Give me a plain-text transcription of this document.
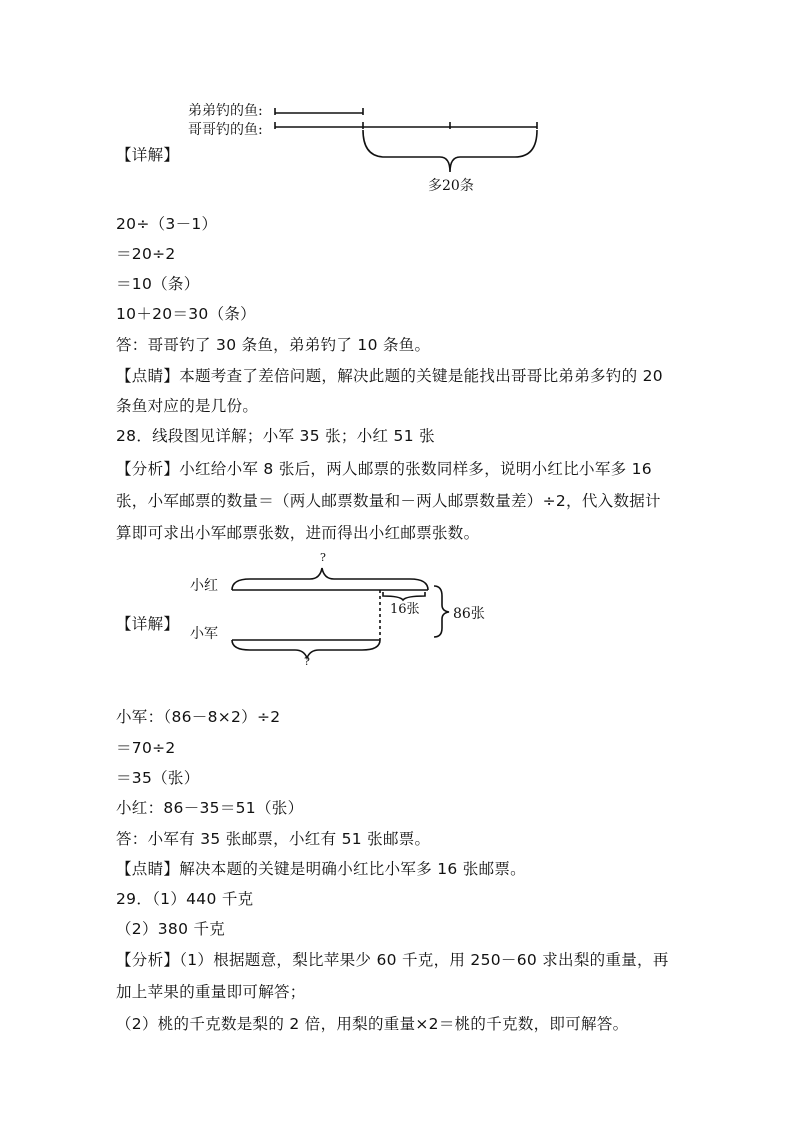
弟弟钓的鱼:
哥哥钓的鱼:
多20条
【详解】
20÷（3－1）
＝20÷2
＝10（条）
10＋20＝30（条）
答：哥哥钓了 30 条鱼，弟弟钓了 10 条鱼。
【点睛】本题考查了差倍问题，解决此题的关键是能找出哥哥比弟弟多钓的 20
条鱼对应的是几份。
28．线段图见详解；小军 35 张；小红 51 张
【分析】小红给小军 8 张后，两人邮票的张数同样多，说明小红比小军多 16
张，小军邮票的数量＝（两人邮票数量和－两人邮票数量差）÷2，代入数据计
算即可求出小军邮票张数，进而得出小红邮票张数。
【详解】
小红
小军
?
?
16张 86张
小军：（86－8×2）÷2
＝70÷2
＝35（张）
小红：86－35＝51（张）
答：小军有 35 张邮票，小红有 51 张邮票。
【点睛】解决本题的关键是明确小红比小军多 16 张邮票。
29．（1）440 千克
（2）380 千克
【分析】（1）根据题意，梨比苹果少 60 千克，用 250－60 求出梨的重量，再
加上苹果的重量即可解答；
（2）桃的千克数是梨的 2 倍，用梨的重量×2＝桃的千克数，即可解答。
